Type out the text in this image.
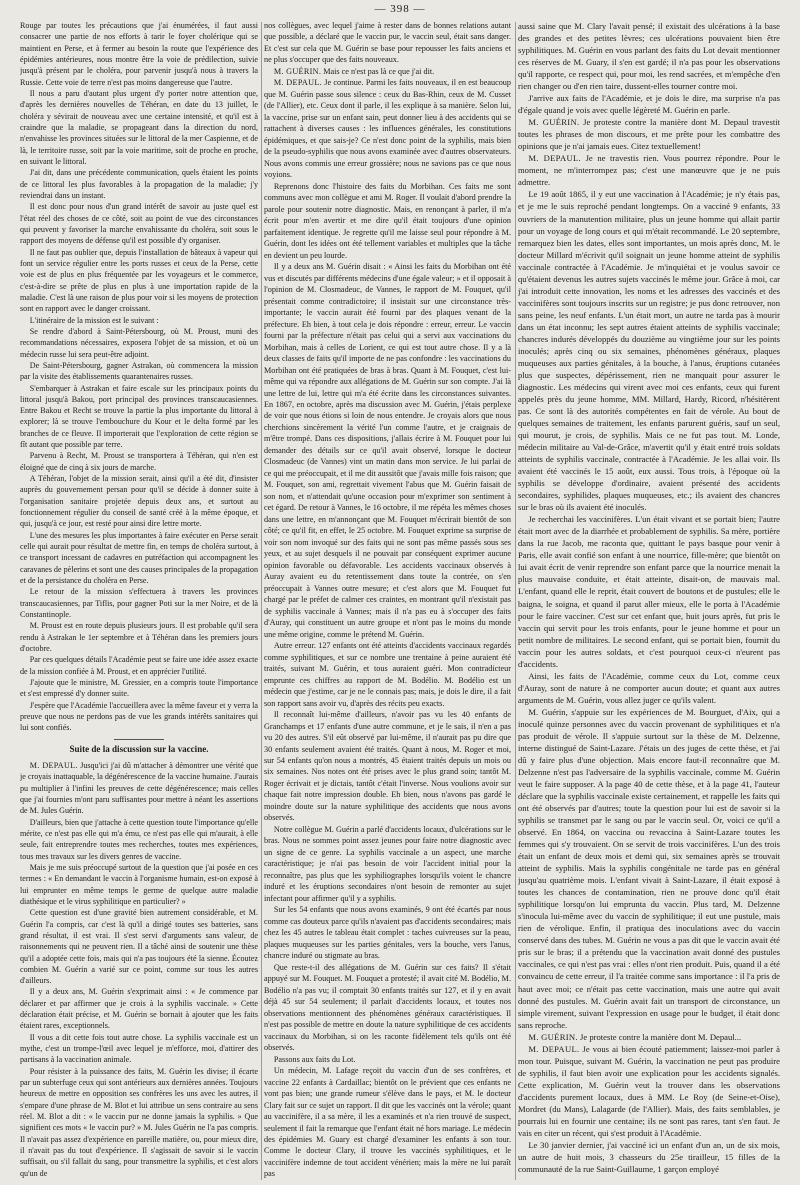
— 398 —

Rouge par toutes les précautions que j'ai énumérées, il faut aussi consacrer une partie de nos efforts à tarir le foyer cholérique qui se maintient en Perse, et à fermer au besoin la route que l'expérience des épidémies antérieures, nous montre être la voie de prédilection, suivie jusqu'à présent par le choléra, pour parvenir jusqu'à nous à travers la Russie. Cette voie de terre n'est pas moins dangereuse que l'autre.

Il nous a paru d'autant plus urgent d'y porter notre attention que, d'après les dernières nouvelles de Téhéran, en date du 13 juillet, le choléra y sévirait de nouveau avec une certaine intensité, et qu'il est à craindre que la maladie, se propageant dans la direction du nord, n'envahisse les provinces situées sur le littoral de la mer Caspienne, et de là, le territoire russe, soit par la voie maritime, soit de proche en proche, en suivant le littoral.

J'ai dit, dans une précédente communication, quels étaient les points de ce littoral les plus favorables à la propagation de la maladie; j'y reviendrai dans un instant.

Il est donc pour nous d'un grand intérêt de savoir au juste quel est l'état réel des choses de ce côté, soit au point de vue des circonstances qui peuvent y favoriser la marche envahissante du choléra, soit sous le rapport des moyens de défense qu'il est possible d'y organiser.

Il ne faut pas oublier que, depuis l'installation de bâteaux à vapeur qui font un service régulier entre les ports russes et ceux de la Perse, cette voie est de plus en plus fréquentée par les voyageurs et le commerce, c'est-à-dire se prête de plus en plus à une importation rapide de la maladie. C'est là une raison de plus pour voir si les moyens de protection sont en rapport avec le danger croissant.

L'itinéraire de la mission est le suivant :

Se rendre d'abord à Saint-Pétersbourg, où M. Proust, muni des recommandations nécessaires, exposera l'objet de sa mission, et où un médecin russe lui sera peut-être adjoint.

De Saint-Pétersbourg, gagner Astrakan, où commencera la mission par la visite des établissements quarantenaires russes.

S'embarquer à Astrakan et faire escale sur les principaux points du littoral jusqu'à Bakou, port principal des provinces transcaucasiennes. Entre Bakou et Recht se trouve la partie la plus importante du littoral à explorer; là se trouve l'embouchure du Kour et le delta formé par les branches de ce fleuve. Il importerait que l'exploration de cette région se fît autant que possible par terre.

Parvenu à Recht, M. Proust se transportera à Téhéran, qui n'en est éloigné que de cinq à six jours de marche.

A Téhéran, l'objet de la mission serait, ainsi qu'il a été dit, d'insister auprès du gouvernement persan pour qu'il se décide à donner suite à l'organisation sanitaire projetée depuis deux ans, et surtout au fonctionnement régulier du conseil de santé créé à la même époque, et qui, jusqu'à ce jour, est resté pour ainsi dire lettre morte.

L'une des mesures les plus importantes à faire exécuter en Perse serait celle qui aurait pour résultat de mettre fin, en temps de choléra surtout, à ce transport incessant de cadavres en putréfaction qui accompagnent les caravanes de pèlerins et sont une des causes principales de la propagation et de la persistance du choléra en Perse.

Le retour de la mission s'effectuera à travers les provinces transcaucasiennes, par Tiflis, pour gagner Poti sur la mer Noire, et de là Constantinople.

M. Proust est en route depuis plusieurs jours. Il est probable qu'il sera rendu à Astrakan le 1er septembre et à Téhéran dans les premiers jours d'octobre.

Par ces quelques détails l'Académie peut se faire une idée assez exacte de la mission confiée à M. Proust, et en apprécier l'utilité.

J'ajoute que le ministre, M. Gressier, en a compris toute l'importance et s'est empressé d'y donner suite.

J'espère que l'Académie l'accueillera avec la même faveur et y verra la preuve que nous ne perdons pas de vue les grands intérêts sanitaires qui lui sont confiés.

Suite de la discussion sur la vaccine.

M. DEPAUL. Jusqu'ici j'ai dû m'attacher à démontrer une vérité que je croyais inattaquable, la dégénérescence de la vaccine humaine. J'aurais pu multiplier à l'infini les preuves de cette dégénérescence; mais celles que j'ai fournies m'ont paru suffisantes pour mettre à néant les assertions de M. Jules Guérin.

D'ailleurs, bien que j'attache à cette question toute l'importance qu'elle mérite, ce n'est pas elle qui m'a ému, ce n'est pas elle qui m'aurait, à elle seule, fait entreprendre toutes mes recherches, toutes mes expériences, tous mes travaux sur les divers genres de vaccine.

Mais je me suis préoccupé surtout de la question que j'ai posée en ces termes : « En demandant le vaccin à l'organisme humain, est-on exposé à lui emprunter en même temps le germe de quelque autre maladie diathésique et le virus syphilitique en particulier? »

Cette question est d'une gravité bien autrement considérable, et M. Guérin l'a compris, car c'est là qu'il a dirigé toutes ses batteries, sans grand résultat, il est vrai. Il s'est servi d'arguments sans valeur, de raisonnements qui ne peuvent rien. Il a tâché ainsi de soutenir une thèse qu'il a adoptée cette fois, mais qui n'a pas toujours été la sienne. Écoutez combien M. Guérin a varié sur ce point, comme sur tous les autres d'ailleurs.

Il y a deux ans, M. Guérin s'exprimait ainsi : « Je commence par déclarer et par affirmer que je crois à la syphilis vaccinale. » Cette déclaration était précise, et M. Guérin se bornait à ajouter que les faits étaient rares, exceptionnels.

Il vous a dit cette fois tout autre chose. La syphilis vaccinale est un mythe, c'est un trompe-l'œil avec lequel je m'efforce, moi, d'attirer des partisans à la vaccination animale.

Pour résister à la puissance des faits, M. Guérin les divise; il écarte par un subterfuge ceux qui sont antérieurs aux dernières années. Toujours heureux de mettre en opposition ses confrères les uns avec les autres, il s'empare d'une phrase de M. Blot et lui attribue un sens contraire au sens réel. M. Blot a dit : « le vaccin pur ne donne jamais la syphilis. » Que signifient ces mots « le vaccin pur? » M. Jules Guérin ne l'a pas compris. Il n'avait pas assez d'expérience en pareille matière, ou, pour mieux dire, il n'avait pas du tout d'expérience. Il s'agissait de savoir si le vaccin suffisait, ou s'il fallait du sang, pour transmettre la syphilis, et c'est alors qu'un de

nos collègues, avec lequel j'aime à rester dans de bonnes relations autant que possible, a déclaré que le vaccin pur, le vaccin seul, était sans danger. Et c'est sur cela que M. Guérin se base pour repousser les faits anciens et ne plus s'occuper que des faits nouveaux.

M. GUÉRIN. Mais ce n'est pas là ce que j'ai dit.

M. DEPAUL. Je continue. Parmi les faits nouveaux, il en est beaucoup que M. Guérin passe sous silence : ceux du Bas-Rhin, ceux de M. Cusset (de l'Allier), etc. Ceux dont il parle, il les explique à sa manière. Selon lui, la vaccine, prise sur un enfant sain, peut donner lieu à des accidents qui se rattachent à diverses causes : les influences générales, les constitutions épidémiques, et que sais-je? Ce n'est donc point de la syphilis, mais bien de la pseudo-syphilis que nous avons examinée avec d'autres observateurs. Nous avons commis une erreur grossière; nous ne savions pas ce que nous voyions.

Reprenons donc l'histoire des faits du Morbihan. Ces faits me sont communs avec mon collègue et ami M. Roger. Il voulait d'abord prendre la parole pour soutenir notre diagnostic. Mais, en renonçant à parler, il m'a écrit pour m'en avertir et me dire qu'il était toujours d'une opinion parfaitement identique. Je regrette qu'il me laisse seul pour répondre à M. Guérin, dont les idées ont été tellement variables et multiples que la tâche en devient un peu lourde.

Il y a deux ans M. Guérin disait : « Ainsi les faits du Morbihan ont été vus et discutés par différents médecins d'une égale valeur; » et il opposait à l'opinion de M. Closmadeuc, de Vannes, le rapport de M. Fouquet, qu'il présentait comme contradictoire; il insistait sur une circonstance très-importante; le vaccin aurait été fourni par des plaques venant de la préfecture. Eh bien, à tout cela je dois répondre : erreur, erreur. Le vaccin fourni par la préfecture n'était pas celui qui a servi aux vaccinations du Morbihan, mais à celles de Lorient, ce qui est tout autre chose. Il y a là deux classes de faits qu'il importe de ne pas confondre : les vaccinations du Morbihan ont été pratiquées de bras à bras. Quant à M. Fouquet, c'est lui-même qui va répondre aux allégations de M. Guérin sur son compte. J'ai là une lettre de lui, lettre qui m'a été écrite dans les circonstances suivantes. En 1867, en octobre, après ma discussion avec M. Guérin, j'étais perplexe de voir que nous étions si loin de nous entendre. Je croyais alors que nous cherchions sincèrement la vérité l'un comme l'autre, et je craignais de m'être trompé. Dans ces dispositions, j'allais écrire à M. Fouquet pour lui demander des détails sur ce qu'il avait observé, lorsque le docteur Closmadeuc (de Vannes) vint un matin dans mon service. Je lui parlai de ce qui me préoccupait, et il me dit aussitôt que j'avais mille fois raison; que M. Fouquet, son ami, regrettait vivement l'abus que M. Guérin faisait de son nom, et n'attendait qu'une occasion pour m'exprimer son sentiment à cet égard. De retour à Vannes, le 16 octobre, il me répéta les mêmes choses dans une lettre, en m'annonçant que M. Fouquet m'écrirait bientôt de son côté; ce qu'il fit, en effet, le 25 octobre. M. Fouquet exprime sa surprise de voir son nom invoqué sur des faits qui ne sont pas même passés sous ses yeux, et au sujet desquels il ne pouvait par conséquent exprimer aucune opinion favorable ou défavorable. Les accidents vaccinaux observés à Auray avaient eu du retentissement dans toute la contrée, on s'en préoccupait à Vannes outre mesure; et c'est alors que M. Fouquet fut chargé par le préfet de calmer ces craintes, en montrant qu'il n'existait pas de syphilis vaccinale à Vannes; mais il n'a pas eu à s'occuper des faits d'Auray, qui constituent un autre groupe et n'ont pas le moins du monde une même origine, comme le prétend M. Guérin.

Autre erreur. 127 enfants ont été atteints d'accidents vaccinaux regardés comme syphilitiques, et sur ce nombre une trentaine à peine auraient été traités, suivant M. Guérin, et tous auraient guéri. Mon contradicteur emprunte ces chiffres au rapport de M. Bodélio. M. Bodélio est un médecin que j'estime, car je ne le connais pas; mais, je dois le dire, il a fait son rapport sans avoir vu, d'après des récits peu exacts.

Il reconnaît lui-même d'ailleurs, n'avoir pas vu les 40 enfants de Granchamps et 17 enfants d'une autre commune, et je le sais, il n'en a pas vu 20 des autres. S'il eût observé par lui-même, il n'aurait pas pu dire que 30 enfants seulement avaient été traités. Quant à nous, M. Roger et moi, sur 54 enfants qu'on nous a montrés, 45 étaient traités depuis un mois ou six semaines. Nos notes ont été prises avec le plus grand soin; tantôt M. Roger écrivait et je dictais, tantôt c'était l'inverse. Nous voulions avoir sur chaque fait notre impression double. Eh bien, nous n'avons pas gardé le moindre doute sur la nature syphilitique des accidents que nous avons observés.

Notre collègue M. Guérin a parlé d'accidents locaux, d'ulcérations sur le bras. Nous ne sommes point assez jeunes pour faire notre diagnostic avec un signe de ce genre. La syphilis vaccinale a un aspect, une marche caractéristique; je n'ai pas besoin de voir l'accident initial pour la reconnaître, pas plus que les syphiliographes lorsqu'ils voient le chancre induré et les éruptions secondaires n'ont besoin de remonter au sujet infectant pour affirmer qu'il y a syphilis.

Sur les 54 enfants que nous avons examinés, 9 ont été écartés par nous comme cas douteux parce qu'ils n'avaient pas d'accidents secondaires; mais chez les 45 autres le tableau était complet : taches cuivreuses sur la peau, plaques muqueuses sur les parties génitales, vers la bouche, vers l'anus, chancre induré ou stigmate au bras.

Que reste-t-il des allégations de M. Guérin sur ces faits? Il s'était appuyé sur M. Fouquet. M. Fouquet a protesté; il avait cité M. Bodélio, M. Bodélio n'a pas vu; il comptait 30 enfants traités sur 127, et il y en avait déjà 45 sur 54 seulement; il parlait d'accidents locaux, et toutes nos observations mentionnent des phénomènes généraux caractéristiques. Il n'est pas possible de mettre en doute la nature syphilitique de ces accidents vaccinaux du Morbihan, si on les raconte fidèlement tels qu'ils ont été observés.

Passons aux faits du Lot.

Un médecin, M. Lafage reçoit du vaccin d'un de ses confrères, et vaccine 22 enfants à Cardaillac; bientôt on le prévient que ces enfants ne vont pas bien; une grande rumeur s'élève dans le pays, et M. le docteur Clary fait sur ce sujet un rapport. Il dit que les vaccinés ont la vérole; quant au vaccinifère, il a sa mère, il les a examinés et n'a rien trouvé de suspect, seulement il fait la remarque que l'enfant était né hors mariage. Le médecin des épidémies M. Guary est chargé d'examiner les enfants à son tour. Comme le docteur Clary, il trouve les vaccinés syphilitiques, et le vaccinifère indemne de tout accident vénérien; mais la mère ne lui paraît pas

aussi saine que M. Clary l'avait pensé; il existait des ulcérations à la base des grandes et des petites lèvres; ces ulcérations pouvaient bien être syphilitiques. M. Guérin en vous parlant des faits du Lot devait mentionner ces réserves de M. Guary, il s'en est gardé; il n'a pas pour les observations qu'il rapporte, ce respect qui, pour moi, les rend sacrées, et m'empêche d'en rien changer ou d'en rien taire, dussent-elles tourner contre moi.

J'arrive aux faits de l'Académie, et je dois le dire, ma surprise n'a pas d'égale quand je vois avec quelle légèreté M. Guérin en parle.

M. GUÉRIN. Je proteste contre la manière dont M. Depaul travestit toutes les phrases de mon discours, et me prête pour les combattre des opinions que je n'ai jamais eues. Citez textuellement!

M. DEPAUL. Je ne travestis rien. Vous pourrez répondre. Pour le moment, ne m'interrompez pas; c'est une manœuvre que je ne puis admettre.

Le 19 août 1865, il y eut une vaccination à l'Académie; je n'y étais pas, et je me le suis reproché pendant longtemps. On a vacciné 9 enfants, 33 ouvriers de la manutention militaire, plus un jeune homme qui allait partir pour un voyage de long cours et qui m'était recommandé. Le 20 septembre, remarquez bien les dates, elles sont importantes, un mois après donc, M. le docteur Millard m'écrivit qu'il soignait un jeune homme atteint de syphilis vaccinale contractée à l'Académie. Je m'inquiétai et je voulus savoir ce qu'étaient devenus les autres sujets vaccinés le même jour. Grâce à moi, car j'ai introduit cette innovation, les noms et les adresses des vaccinés et des vaccinifères sont toujours inscrits sur un registre; je pus donc retrouver, non sans peine, les neuf enfants. L'un était mort, un autre ne tarda pas à mourir dans un état inconnu; les sept autres étaient atteints de syphilis vaccinale; chancres indurés développés du douzième au vingtième jour sur les points inoculés; après cinq ou six semaines, phénomènes généraux, plaques muqueuses aux parties génitales, à la bouche, à l'anus, éruptions cutanées plus que suspectes, dépérissement, rien ne manquait pour assurer le diagnostic. Les médecins qui virent avec moi ces enfants, ceux qui furent appelés près du jeune homme, MM. Millard, Hardy, Ricord, n'hésitèrent pas. Ce sont là des autorités compétentes en fait de vérole. Au bout de quelques semaines de traitement, les enfants parurent guéris, sauf un seul, qui mourut, je crois, de syphilis. Mais ce ne fut pas tout. M. Londe, médecin militaire au Val-de-Grâce, m'avertit qu'il y était entré trois soldats atteints de syphilis vaccinale, contractée à l'Académie. Je les allai voir. Ils avaient été vaccinés le 15 août, eux aussi. Tous trois, à l'époque où la syphilis se développe d'ordinaire, avaient présenté des accidents secondaires, syphilides, plaques muqueuses, etc.; ils avaient des chancres sur le bras où ils avaient été inoculés.

Je recherchai les vaccinifères. L'un était vivant et se portait bien; l'autre était mort avec de la diarrhée et probablement de syphilis. Sa mère, portière dans la rue Jacob, me raconta que, quittant le pays basque pour venir à Paris, elle avait confié son enfant à une nourrice, fille-mère; que bientôt on lui avait écrit de venir reprendre son enfant parce que la nourrice menait la plus mauvaise conduite, et était atteinte, disait-on, de mauvais mal. L'enfant, quand elle le reprit, était couvert de boutons et de pustules; elle le baigna, le soigna, et quand il parut aller mieux, elle le porta à l'Académie pour le faire vacciner. C'est sur cet enfant que, huit jours après, fut pris le vaccin qui servit pour les trois enfants, pour le jeune homme et pour un petit nombre de militaires. Le second enfant, qui se portait bien, fournit du vaccin pour les autres soldats, et c'est pourquoi ceux-ci n'eurent pas d'accidents.

Ainsi, les faits de l'Académie, comme ceux du Lot, comme ceux d'Auray, sont de nature à ne comporter aucun doute; et quant aux autres arguments de M. Guérin, vous allez juger ce qu'ils valent.

M. Guérin, s'appuie sur les expériences de M. Bourguet, d'Aix, qui a inoculé quinze personnes avec du vaccin provenant de syphilitiques et n'a pas produit de vérole. Il s'appuie surtout sur la thèse de M. Delzenne, interne distingué de Saint-Lazare. J'étais un des juges de cette thèse, et j'ai dû y faire plus d'une objection. Mais encore faut-il reconnaître que M. Delzenne n'est pas l'adversaire de la syphilis vaccinale, comme M. Guérin veut le faire supposer. A la page 40 de cette thèse, et à la page 41, l'auteur déclare que la syphilis vaccinale existe certainement, et rappelle les faits qui ont été observés par d'autres; toute la question pour lui est de savoir si la syphilis se transmet par le sang ou par le vaccin seul. Or, voici ce qu'il a observé. En 1864, on vaccina ou revaccina à Saint-Lazare toutes les femmes qui s'y trouvaient. On se servit de trois vaccinifères. L'un des trois était un enfant de deux mois et demi qui, six semaines après se trouvait atteint de syphilis. Mais la syphilis congénitale ne tarde pas en général jusqu'au quatrième mois. L'enfant vivait à Saint-Lazare, il était exposé à toutes les chances de contamination, rien ne prouve donc qu'il était syphilitique lorsqu'on lui emprunta du vaccin. Plus tard, M. Delzenne s'inocula lui-même avec du vaccin de syphilitique; il eut une pustule, mais rien de vérolique. Enfin, il pratiqua des inoculations avec du vaccin conservé dans des tubes. M. Guérin ne vous a pas dit que le vaccin avait été pris sur le bras; il a prétendu que la vaccination avait donné des pustules vaccinales, ce qui n'est pas vrai : elles n'ont rien produit. Puis, quand il a été convaincu de cette erreur, il l'a traitée comme sans importance : il l'a pris de haut avec moi; ce n'était pas cette vaccination, mais une autre qui avait donné des pustules. M. Guérin avait fait un transport de circonstance, un simple virement, suivant l'expression en usage pour le budget, il était donc sans reproche.

M. GUÉRIN. Je proteste contre la manière dont M. Depaul...

M. DEPAUL. Je vous ai bien écouté patiemment; laissez-moi parler à mon tour. Puisque, suivant M. Guérin, la vaccination ne peut pas produire de syphilis, il faut bien avoir une explication pour les accidents signalés. Cette explication, M. Guérin veut la trouver dans les observations d'accidents purement locaux, dues à MM. Le Roy (de Seine-et-Oise), Mordret (du Mans), Lalagarde (de l'Allier). Mais, des faits semblables, je pourrais lui en fournir une centaine; ils ne sont pas rares, tant s'en faut. Je vais en citer un récent, qui s'est produit à l'Académie.

Le 30 janvier dernier, j'ai vacciné ici un enfant d'un an, un de six mois, un autre de huit mois, 3 chasseurs du 25e tirailleur, 15 filles de la communauté de la rue Saint-Guillaume, 1 garçon employé
